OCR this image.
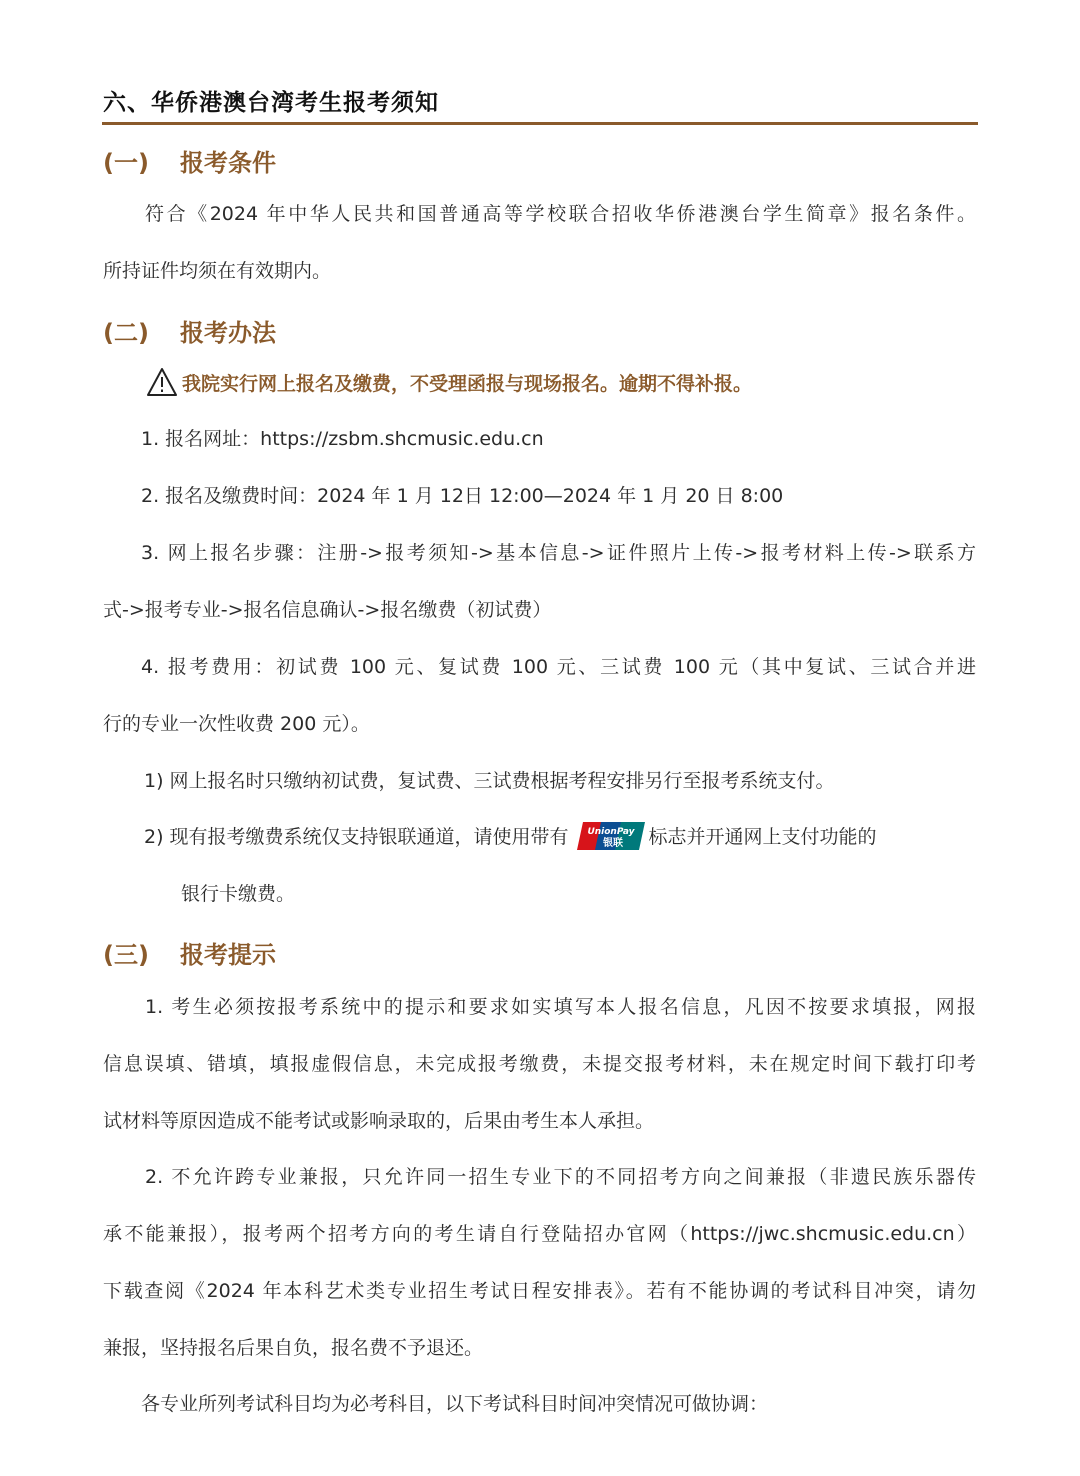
六、华侨港澳台湾考生报考须知
(一) 报考条件
符合《2024 年中华人民共和国普通高等学校联合招收华侨港澳台学生简章》报名条件。
所持证件均须在有效期内。
(二) 报考办法
我院实行网上报名及缴费，不受理函报与现场报名。逾期不得补报。
1. 报名网址：https://zsbm.shcmusic.edu.cn
2. 报名及缴费时间：2024 年 1 月 12日 12:00—2024 年 1 月 20 日 8:00
3. 网上报名步骤：注册->报考须知->基本信息->证件照片上传->报考材料上传->联系方
式->报考专业->报名信息确认->报名缴费（初试费）
4. 报考费用：初试费 100 元、复试费 100 元、三试费 100 元（其中复试、三试合并进
行的专业一次性收费 200 元）。
1) 网上报名时只缴纳初试费，复试费、三试费根据考程安排另行至报考系统支付。
2) 现有报考缴费系统仅支持银联通道，请使用带有 UnionPay
银联 标志并开通网上支付功能的
银行卡缴费。
(三) 报考提示
1. 考生必须按报考系统中的提示和要求如实填写本人报名信息，凡因不按要求填报，网报
信息误填、错填，填报虚假信息，未完成报考缴费，未提交报考材料，未在规定时间下载打印考
试材料等原因造成不能考试或影响录取的，后果由考生本人承担。
2. 不允许跨专业兼报，只允许同一招生专业下的不同招考方向之间兼报（非遗民族乐器传
承不能兼报），报考两个招考方向的考生请自行登陆招办官网（https://jwc.shcmusic.edu.cn）
下载查阅《2024 年本科艺术类专业招生考试日程安排表》。若有不能协调的考试科目冲突，请勿
兼报，坚持报名后果自负，报名费不予退还。
各专业所列考试科目均为必考科目，以下考试科目时间冲突情况可做协调：
